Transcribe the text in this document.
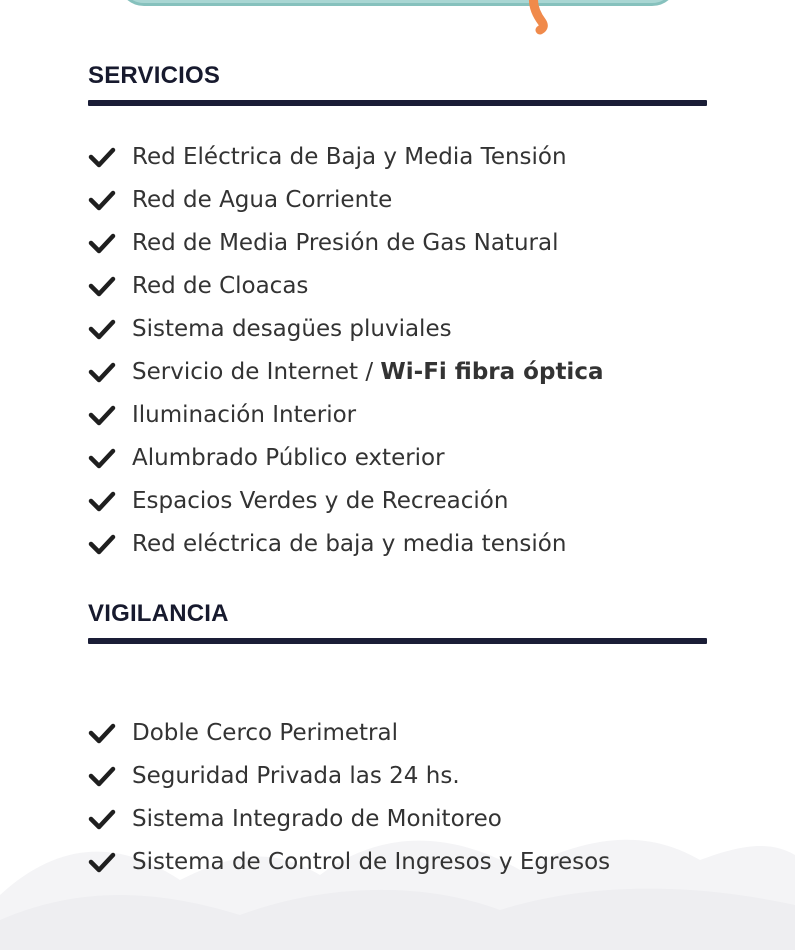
SERVICIOS
Red Eléctrica de Baja y Media Tensión
Red de Agua Corriente
Red de Media Presión de Gas Natural
Red de Cloacas
Sistema desagües pluviales
Servicio de Internet / Wi-Fi fibra óptica
Iluminación Interior
Alumbrado Público exterior
Espacios Verdes y de Recreación
Red eléctrica de baja y media tensión
VIGILANCIA
Doble Cerco Perimetral
Seguridad Privada las 24 hs.
Sistema Integrado de Monitoreo
Sistema de Control de Ingresos y Egresos
